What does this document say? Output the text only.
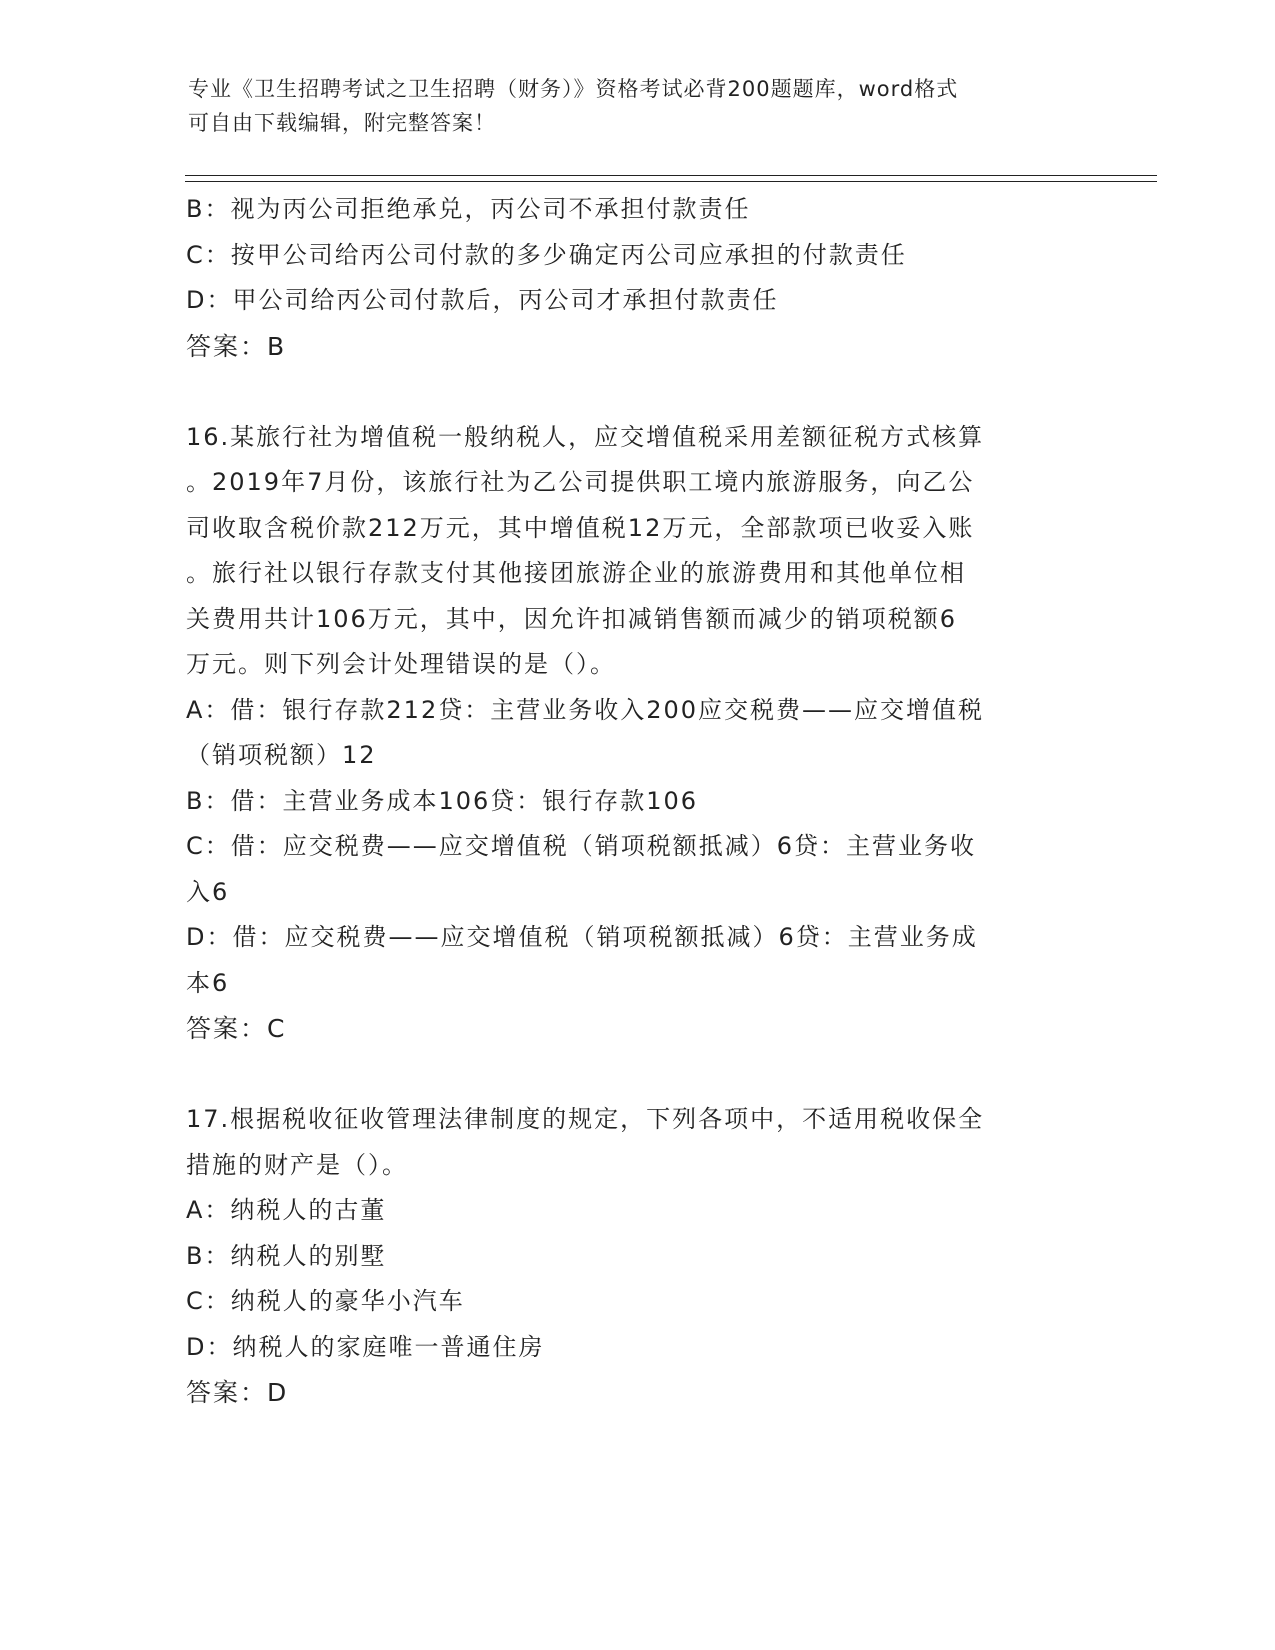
专业《卫生招聘考试之卫生招聘（财务）》资格考试必背200题题库，word格式
可自由下载编辑，附完整答案！
B：视为丙公司拒绝承兑，丙公司不承担付款责任
C：按甲公司给丙公司付款的多少确定丙公司应承担的付款责任
D：甲公司给丙公司付款后，丙公司才承担付款责任
答案：B
16.某旅行社为增值税一般纳税人，应交增值税采用差额征税方式核算
。2019年7月份，该旅行社为乙公司提供职工境内旅游服务，向乙公
司收取含税价款212万元，其中增值税12万元，全部款项已收妥入账
。旅行社以银行存款支付其他接团旅游企业的旅游费用和其他单位相
关费用共计106万元，其中，因允许扣减销售额而减少的销项税额6
万元。则下列会计处理错误的是（）。
A：借：银行存款212贷：主营业务收入200应交税费——应交增值税
（销项税额）12
B：借：主营业务成本106贷：银行存款106
C：借：应交税费——应交增值税（销项税额抵减）6贷：主营业务收
入6
D：借：应交税费——应交增值税（销项税额抵减）6贷：主营业务成
本6
答案：C
17.根据税收征收管理法律制度的规定，下列各项中，不适用税收保全
措施的财产是（）。
A：纳税人的古董
B：纳税人的别墅
C：纳税人的豪华小汽车
D：纳税人的家庭唯一普通住房
答案：D
